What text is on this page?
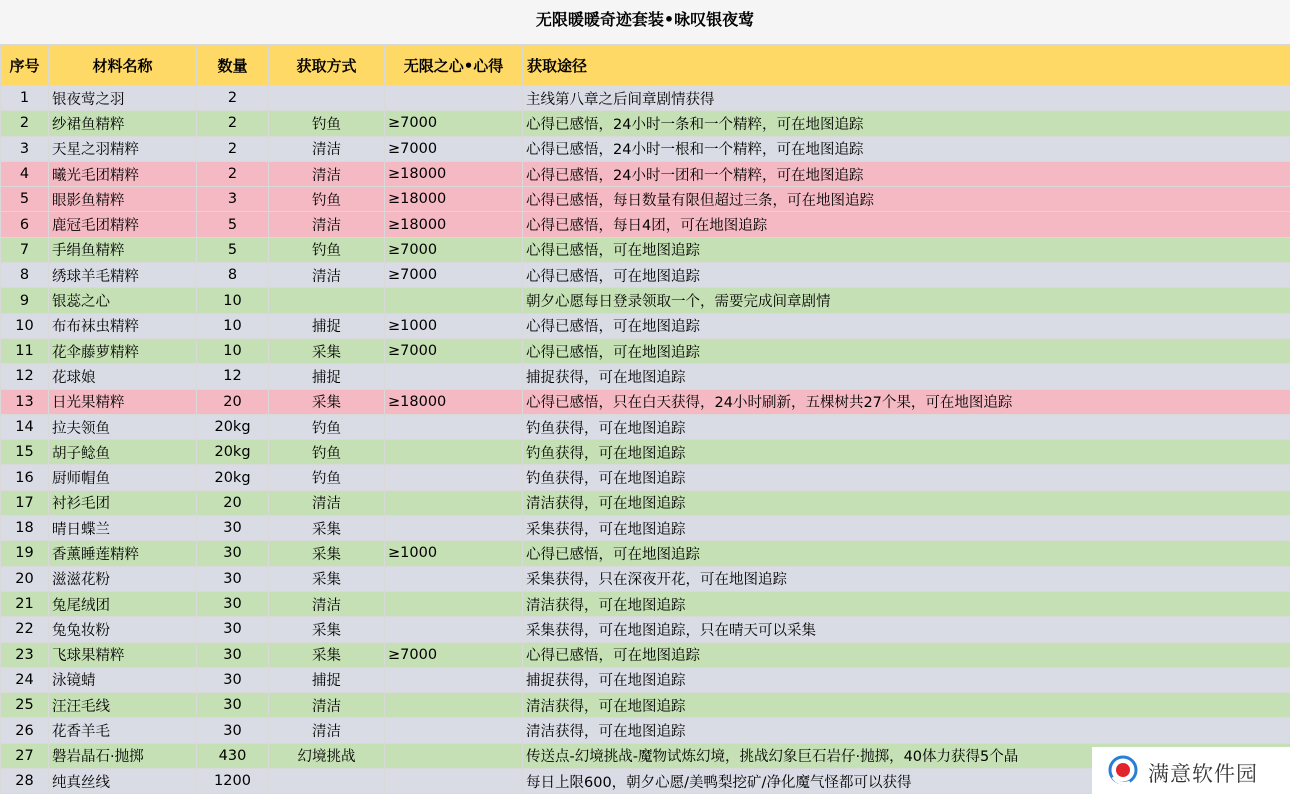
无限暖暖奇迹套装•咏叹银夜莺
序号	材料名称	数量	获取方式	无限之心•心得	获取途径
1	银夜莺之羽	2			主线第八章之后间章剧情获得
2	纱裙鱼精粹	2	钓鱼	≥7000	心得已感悟，24小时一条和一个精粹，可在地图追踪
3	天星之羽精粹	2	清洁	≥7000	心得已感悟，24小时一根和一个精粹，可在地图追踪
4	曦光毛团精粹	2	清洁	≥18000	心得已感悟，24小时一团和一个精粹，可在地图追踪
5	眼影鱼精粹	3	钓鱼	≥18000	心得已感悟，每日数量有限但超过三条，可在地图追踪
6	鹿冠毛团精粹	5	清洁	≥18000	心得已感悟，每日4团，可在地图追踪
7	手绢鱼精粹	5	钓鱼	≥7000	心得已感悟，可在地图追踪
8	绣球羊毛精粹	8	清洁	≥7000	心得已感悟，可在地图追踪
9	银蕊之心	10			朝夕心愿每日登录领取一个，需要完成间章剧情
10	布布袜虫精粹	10	捕捉	≥1000	心得已感悟，可在地图追踪
11	花伞藤萝精粹	10	采集	≥7000	心得已感悟，可在地图追踪
12	花球娘	12	捕捉		捕捉获得，可在地图追踪
13	日光果精粹	20	采集	≥18000	心得已感悟，只在白天获得，24小时刷新，五棵树共27个果，可在地图追踪
14	拉夫领鱼	20kg	钓鱼		钓鱼获得，可在地图追踪
15	胡子鲶鱼	20kg	钓鱼		钓鱼获得，可在地图追踪
16	厨师帽鱼	20kg	钓鱼		钓鱼获得，可在地图追踪
17	衬衫毛团	20	清洁		清洁获得，可在地图追踪
18	晴日蝶兰	30	采集		采集获得，可在地图追踪
19	香薰睡莲精粹	30	采集	≥1000	心得已感悟，可在地图追踪
20	滋滋花粉	30	采集		采集获得，只在深夜开花，可在地图追踪
21	兔尾绒团	30	清洁		清洁获得，可在地图追踪
22	兔兔妆粉	30	采集		采集获得，可在地图追踪，只在晴天可以采集
23	飞球果精粹	30	采集	≥7000	心得已感悟，可在地图追踪
24	泳镜蜻	30	捕捉		捕捉获得，可在地图追踪
25	汪汪毛线	30	清洁		清洁获得，可在地图追踪
26	花香羊毛	30	清洁		清洁获得，可在地图追踪
27	磐岩晶石·抛掷	430	幻境挑战		传送点-幻境挑战-魔物试炼幻境，挑战幻象巨石岩仔·抛掷，40体力获得5个晶
28	纯真丝线	1200			每日上限600，朝夕心愿/美鸭梨挖矿/净化魔气怪都可以获得	满意软件园
